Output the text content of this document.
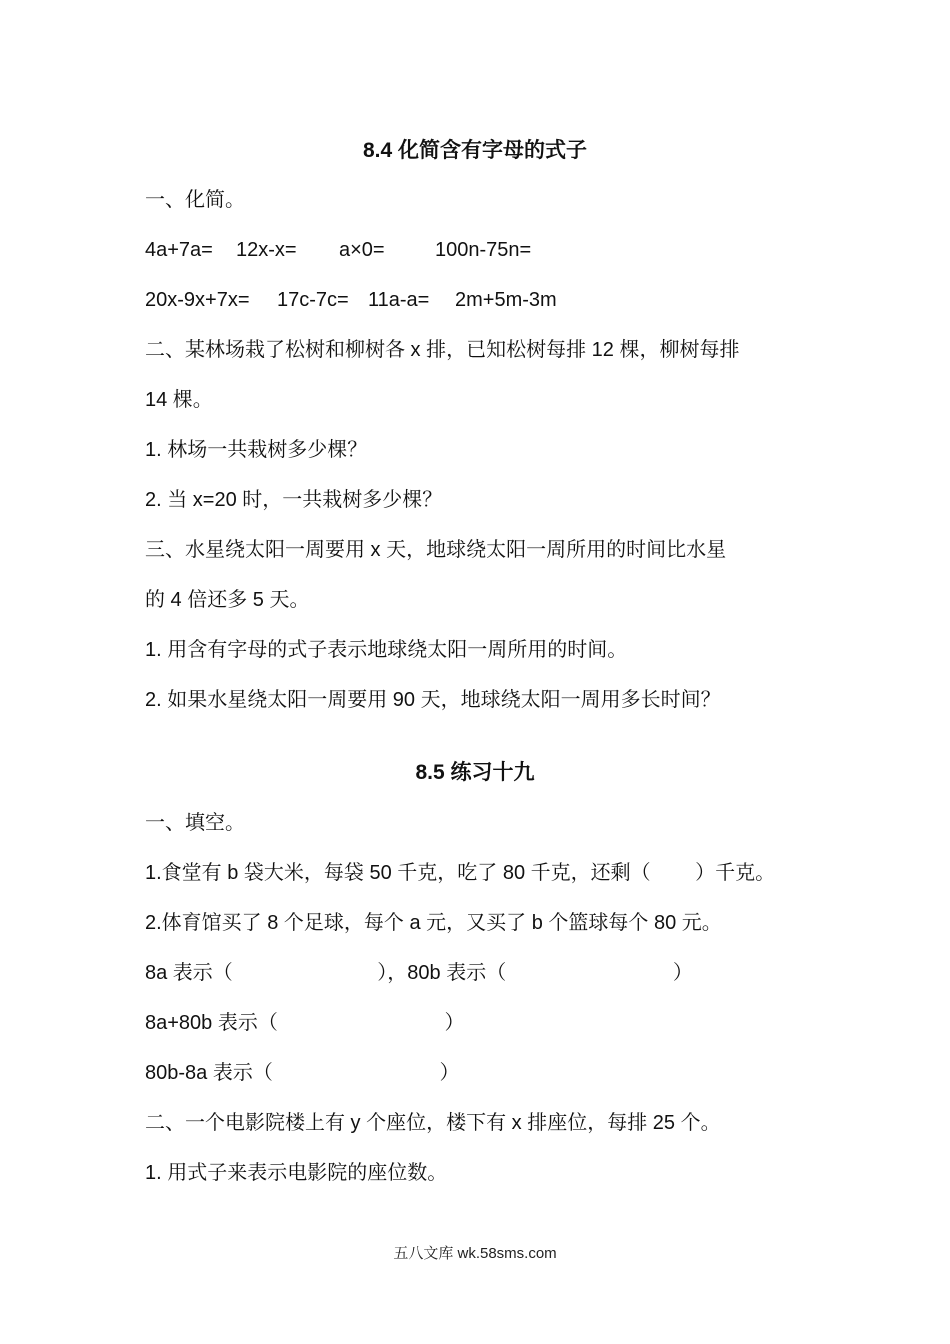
8.4 化简含有字母的式子
一、化简。
4a+7a= 12x-x= a×0=	100n-75n=
20x-9x+7x= 17c-7c= 11a-a= 2m+5m-3m
二、某林场栽了松树和柳树各 x 排，已知松树每排 12 棵，柳树每排
14 棵。
1. 林场一共栽树多少棵？
2. 当 x=20 时，一共栽树多少棵？
三、水星绕太阳一周要用 x 天，地球绕太阳一周所用的时间比水星
的 4 倍还多 5 天。
1. 用含有字母的式子表示地球绕太阳一周所用的时间。
2. 如果水星绕太阳一周要用 90 天，地球绕太阳一周用多长时间？
8.5 练习十九
一、填空。
1.食堂有 b 袋大米，每袋 50 千克，吃了 80 千克，还剩（        ）千克。
2.体育馆买了 8 个足球，每个 a 元，又买了 b 个篮球每个 80 元。
8a 表示（                          ），80b 表示（                              ）
8a+80b 表示（                              ）
80b-8a 表示（                              ）
二、一个电影院楼上有 y 个座位，楼下有 x 排座位，每排 25 个。
1. 用式子来表示电影院的座位数。
五八文库 wk.58sms.com
